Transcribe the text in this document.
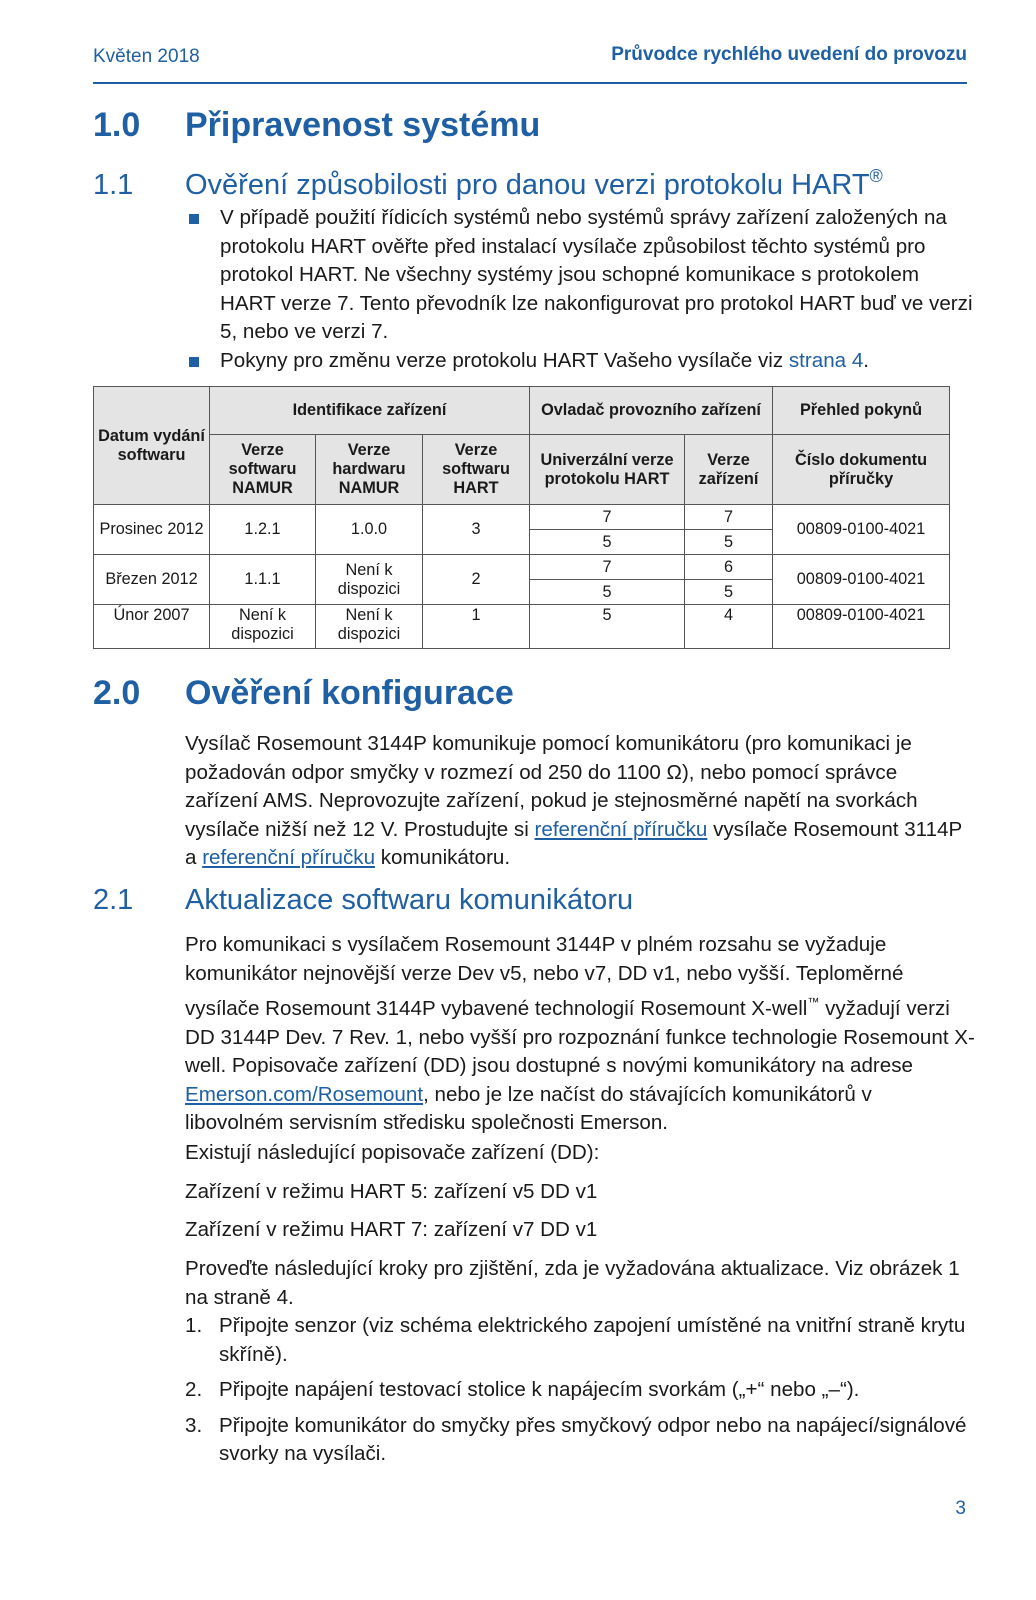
Květen 2018	Průvodce rychlého uvedení do provozu
1.0 Připravenost systému
1.1 Ověření způsobilosti pro danou verzi protokolu HART®
V případě použití řídicích systémů nebo systémů správy zařízení založených na protokolu HART ověřte před instalací vysílače způsobilost těchto systémů pro protokol HART. Ne všechny systémy jsou schopné komunikace s protokolem HART verze 7. Tento převodník lze nakonfigurovat pro protokol HART buď ve verzi 5, nebo ve verzi 7.
Pokyny pro změnu verze protokolu HART Vašeho vysílače viz strana 4.
Datum vydání softwaru	Identifikace zařízení			Ovladač provozního zařízení		Přehled pokynů
	Verze softwaru NAMUR	Verze hardwaru NAMUR	Verze softwaru HART	Univerzální verze protokolu HART	Verze zařízení	Číslo dokumentu příručky
Prosinec 2012	1.2.1	1.0.0	3	7	7	00809-0100-4021
				5	5	
Březen 2012	1.1.1	Není k dispozici	2	7	6	00809-0100-4021
				5	5	
Únor 2007	Není k dispozici	Není k dispozici	1	5	4	00809-0100-4021
2.0 Ověření konfigurace
Vysílač Rosemount 3144P komunikuje pomocí komunikátoru (pro komunikaci je požadován odpor smyčky v rozmezí od 250 do 1100 Ω), nebo pomocí správce zařízení AMS. Neprovozujte zařízení, pokud je stejnosměrné napětí na svorkách vysílače nižší než 12 V. Prostudujte si referenční příručku vysílače Rosemount 3114P a referenční příručku komunikátoru.
2.1 Aktualizace softwaru komunikátoru
Pro komunikaci s vysílačem Rosemount 3144P v plném rozsahu se vyžaduje komunikátor nejnovější verze Dev v5, nebo v7, DD v1, nebo vyšší. Teploměrné vysílače Rosemount 3144P vybavené technologií Rosemount X-well™ vyžadují verzi DD 3144P Dev. 7 Rev. 1, nebo vyšší pro rozpoznání funkce technologie Rosemount X-well. Popisovače zařízení (DD) jsou dostupné s novými komunikátory na adrese Emerson.com/Rosemount, nebo je lze načíst do stávajících komunikátorů v libovolném servisním středisku společnosti Emerson.
Existují následující popisovače zařízení (DD):
Zařízení v režimu HART 5: zařízení v5 DD v1
Zařízení v režimu HART 7: zařízení v7 DD v1
Proveďte následující kroky pro zjištění, zda je vyžadována aktualizace. Viz obrázek 1 na straně 4.
1. Připojte senzor (viz schéma elektrického zapojení umístěné na vnitřní straně krytu skříně).
2. Připojte napájení testovací stolice k napájecím svorkám („+“ nebo „–“).
3. Připojte komunikátor do smyčky přes smyčkový odpor nebo na napájecí/signálové svorky na vysílači.
3
